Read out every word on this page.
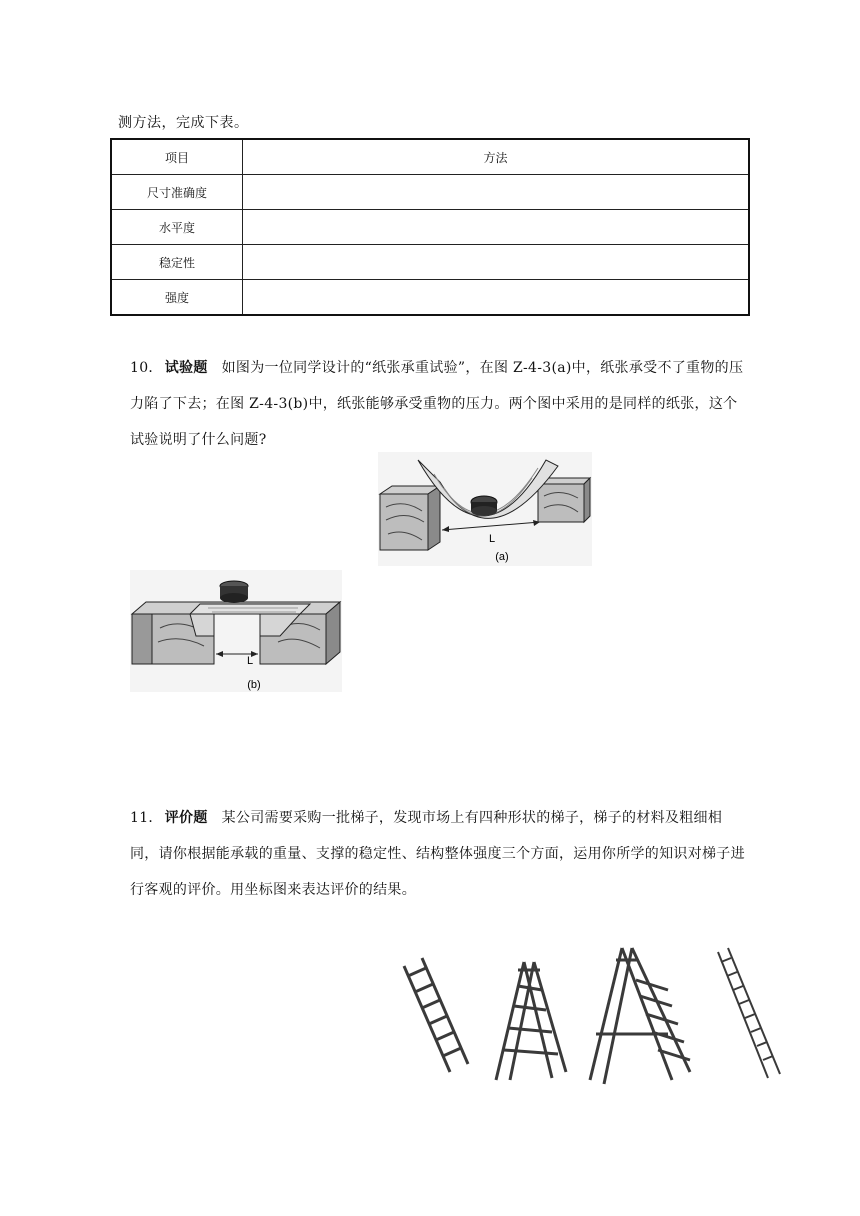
测方法，完成下表。
项目	方法
尺寸准确度	
水平度	
稳定性	
强度	
10． 试验题 如图为一位同学设计的“纸张承重试验”，在图 Z-4-3(a)中，纸张承受不了重物的压力陷了下去；在图 Z-4-3(b)中，纸张能够承受重物的压力。两个图中采用的是同样的纸张，这个试验说明了什么问题?
L
(a)
L
(b)
11． 评价题 某公司需要采购一批梯子，发现市场上有四种形状的梯子，梯子的材料及粗细相同，请你根据能承载的重量、支撑的稳定性、结构整体强度三个方面，运用你所学的知识对梯子进行客观的评价。用坐标图来表达评价的结果。
